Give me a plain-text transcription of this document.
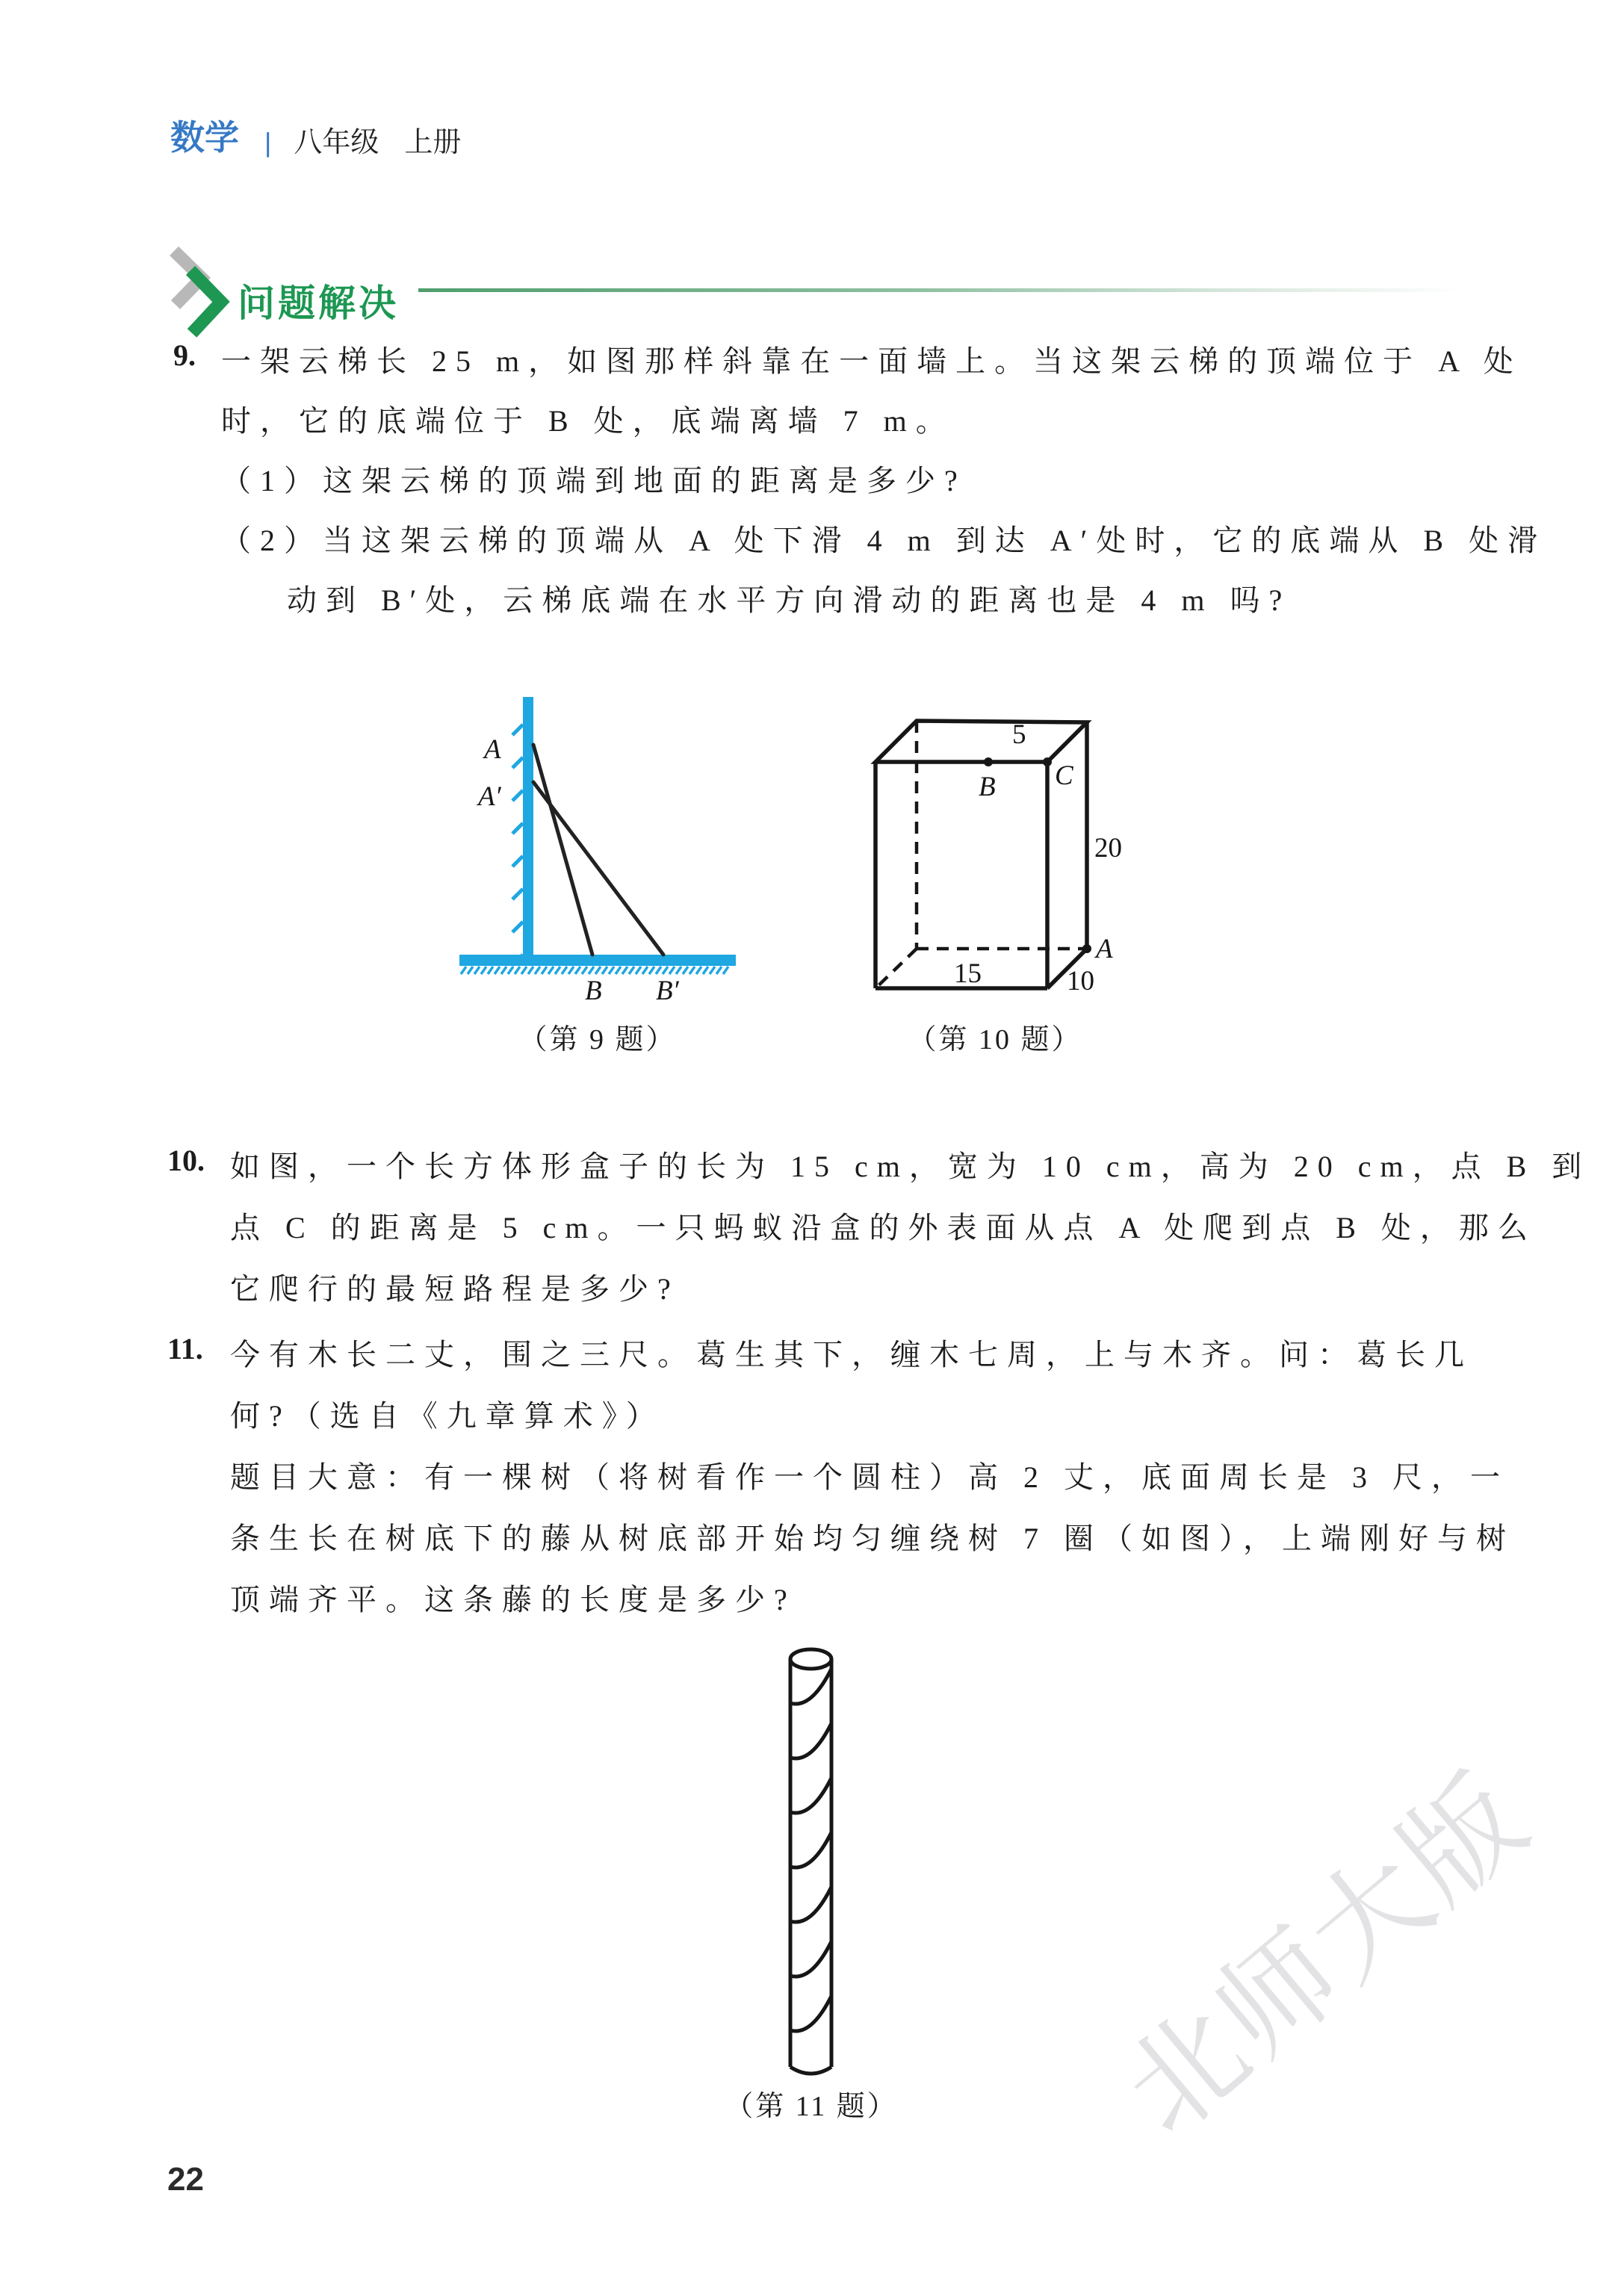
北师大版
数学 | 八年级 上册
问题解决
9. 一架云梯长 25 m，如图那样斜靠在一面墙上。当这架云梯的顶端位于 A 处
时，它的底端位于 B 处，底端离墙 7 m。
（1）这架云梯的顶端到地面的距离是多少?
（2）当这架云梯的顶端从 A 处下滑 4 m 到达 A′处时，它的底端从 B 处滑
动到 B′处，云梯底端在水平方向滑动的距离也是 4 m 吗?
A
A′
B B′
（第 9 题）
5
B C
20
A
15	10
（第 10 题）
10. 如图，一个长方体形盒子的长为 15 cm，宽为 10 cm，高为 20 cm，点 B 到
点 C 的距离是 5 cm。一只蚂蚁沿盒的外表面从点 A 处爬到点 B 处，那么
它爬行的最短路程是多少?
11. 今有木长二丈，围之三尺。葛生其下，缠木七周，上与木齐。问：葛长几
何?（选自《九章算术》）
题目大意：有一棵树（将树看作一个圆柱）高 2 丈，底面周长是 3 尺，一
条生长在树底下的藤从树底部开始均匀缠绕树 7 圈（如图），上端刚好与树
顶端齐平。这条藤的长度是多少?
（第 11 题）
22
